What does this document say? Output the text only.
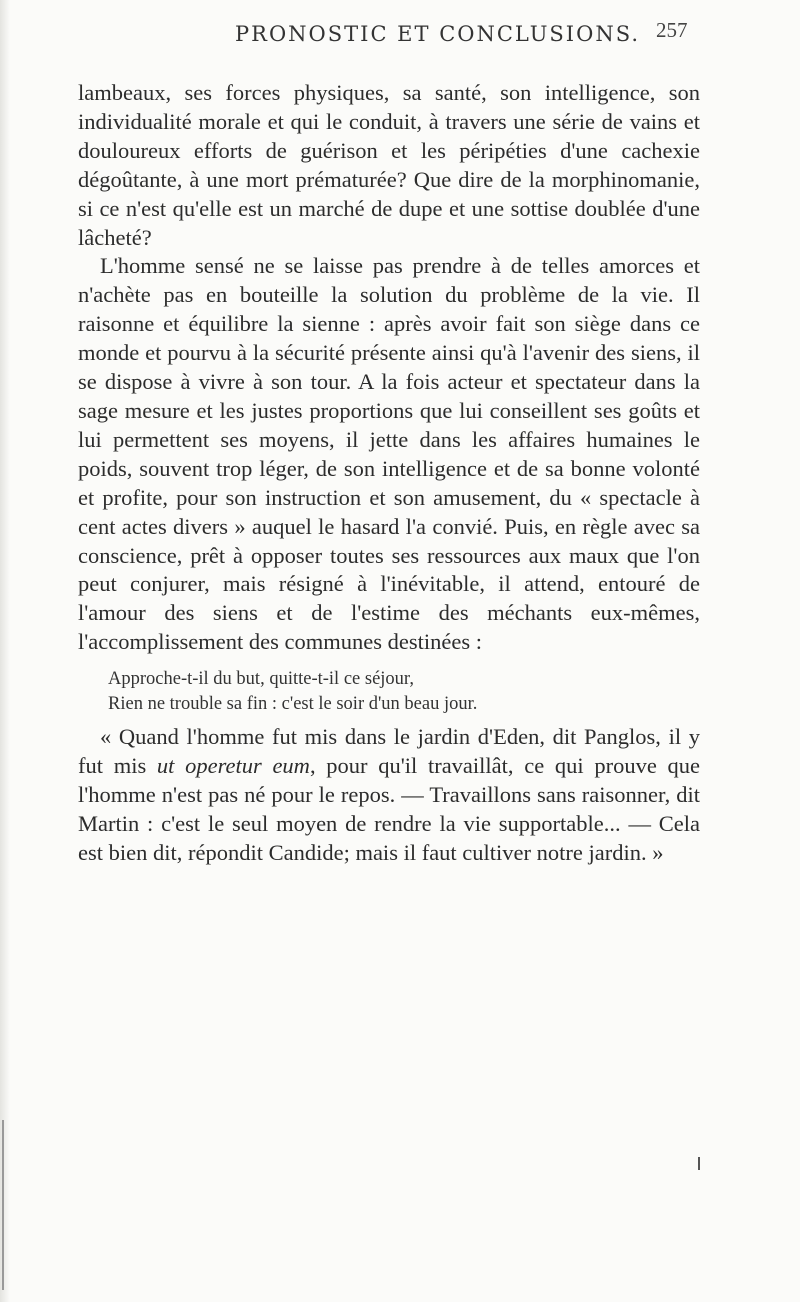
PRONOSTIC ET CONCLUSIONS. 257

lambeaux, ses forces physiques, sa santé, son intelligence, son individualité morale et qui le conduit, à travers une série de vains et douloureux efforts de guérison et les péripéties d'une cachexie dégoûtante, à une mort prématurée? Que dire de la morphinomanie, si ce n'est qu'elle est un marché de dupe et une sottise doublée d'une lâcheté?

L'homme sensé ne se laisse pas prendre à de telles amorces et n'achète pas en bouteille la solution du problème de la vie. Il raisonne et équilibre la sienne : après avoir fait son siège dans ce monde et pourvu à la sécurité présente ainsi qu'à l'avenir des siens, il se dispose à vivre à son tour. A la fois acteur et spectateur dans la sage mesure et les justes proportions que lui conseillent ses goûts et lui permettent ses moyens, il jette dans les affaires humaines le poids, souvent trop léger, de son intelligence et de sa bonne volonté et profite, pour son instruction et son amusement, du « spectacle à cent actes divers » auquel le hasard l'a convié. Puis, en règle avec sa conscience, prêt à opposer toutes ses ressources aux maux que l'on peut conjurer, mais résigné à l'inévitable, il attend, entouré de l'amour des siens et de l'estime des méchants eux-mêmes, l'accomplissement des communes destinées :

Approche-t-il du but, quitte-t-il ce séjour,
Rien ne trouble sa fin : c'est le soir d'un beau jour.

« Quand l'homme fut mis dans le jardin d'Eden, dit Panglos, il y fut mis ut operetur eum, pour qu'il travaillât, ce qui prouve que l'homme n'est pas né pour le repos. — Travaillons sans raisonner, dit Martin : c'est le seul moyen de rendre la vie supportable... — Cela est bien dit, répondit Candide; mais il faut cultiver notre jardin. »
